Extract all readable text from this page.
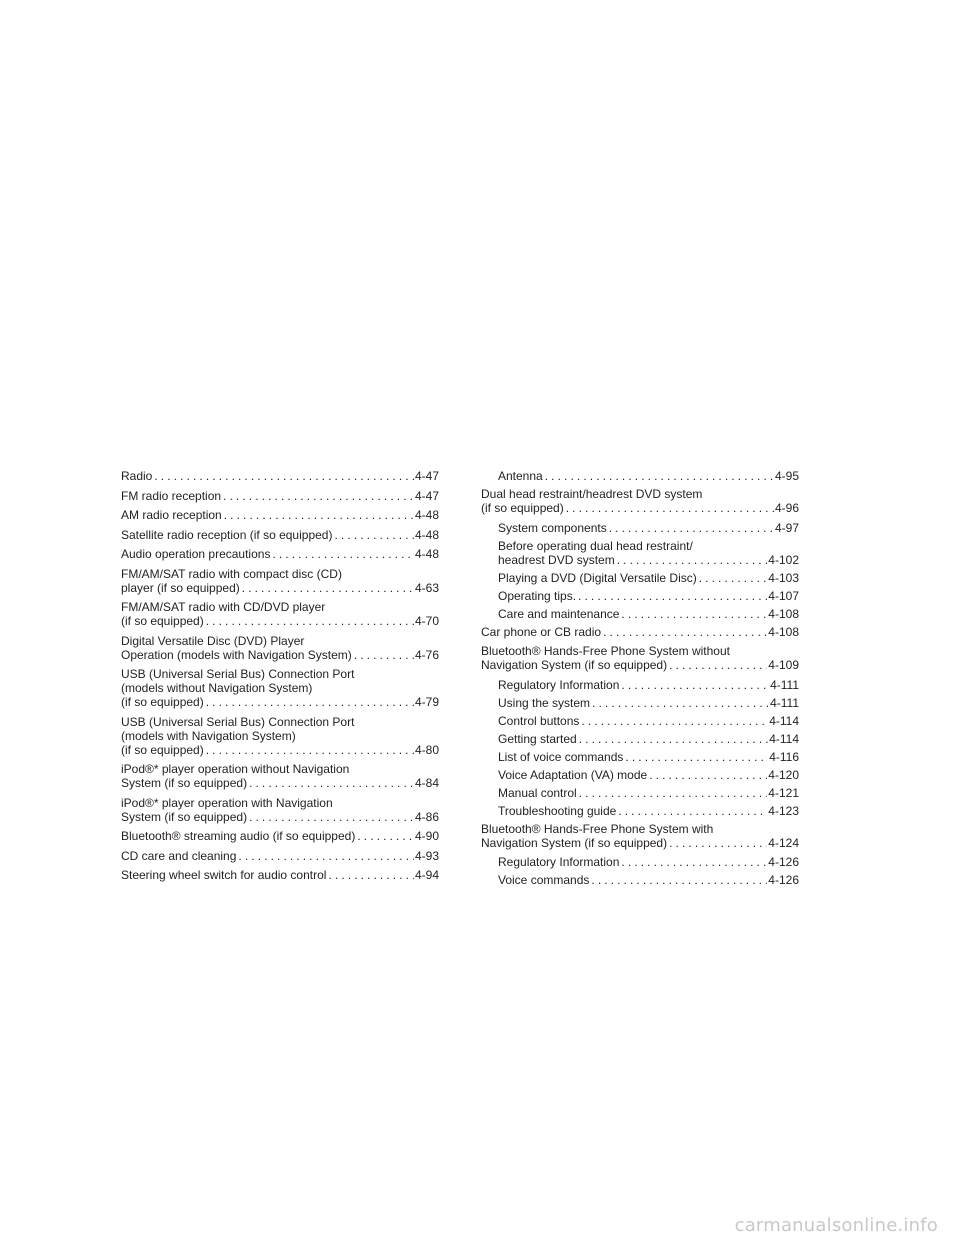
Radio .....	4-47
FM radio reception .....	4-47
AM radio reception .....	4-48
Satellite radio reception (if so equipped) .....	4-48
Audio operation precautions .....	4-48
FM/AM/SAT radio with compact disc (CD)
player (if so equipped) .....	4-63
FM/AM/SAT radio with CD/DVD player
(if so equipped) .....	4-70
Digital Versatile Disc (DVD) Player
Operation (models with Navigation System) .....	4-76
USB (Universal Serial Bus) Connection Port
(models without Navigation System)
(if so equipped) .....	4-79
USB (Universal Serial Bus) Connection Port
(models with Navigation System)
(if so equipped) .....	4-80
iPod®* player operation without Navigation
System (if so equipped) .....	4-84
iPod®* player operation with Navigation
System (if so equipped) .....	4-86
Bluetooth® streaming audio (if so equipped) .....	4-90
CD care and cleaning .....	4-93
Steering wheel switch for audio control .....	4-94
Antenna .....	4-95
Dual head restraint/headrest DVD system
(if so equipped) .....	4-96
System components .....	4-97
Before operating dual head restraint/
headrest DVD system .....	4-102
Playing a DVD (Digital Versatile Disc) .....	4-103
Operating tips. .....	4-107
Care and maintenance .....	4-108
Car phone or CB radio .....	4-108
Bluetooth® Hands-Free Phone System without
Navigation System (if so equipped) .....	4-109
Regulatory Information .....	4-111
Using the system .....	4-111
Control buttons .....	4-114
Getting started .....	4-114
List of voice commands .....	4-116
Voice Adaptation (VA) mode .....	4-120
Manual control .....	4-121
Troubleshooting guide .....	4-123
Bluetooth® Hands-Free Phone System with
Navigation System (if so equipped) .....	4-124
Regulatory Information .....	4-126
Voice commands .....	4-126
carmanualsonline.info
